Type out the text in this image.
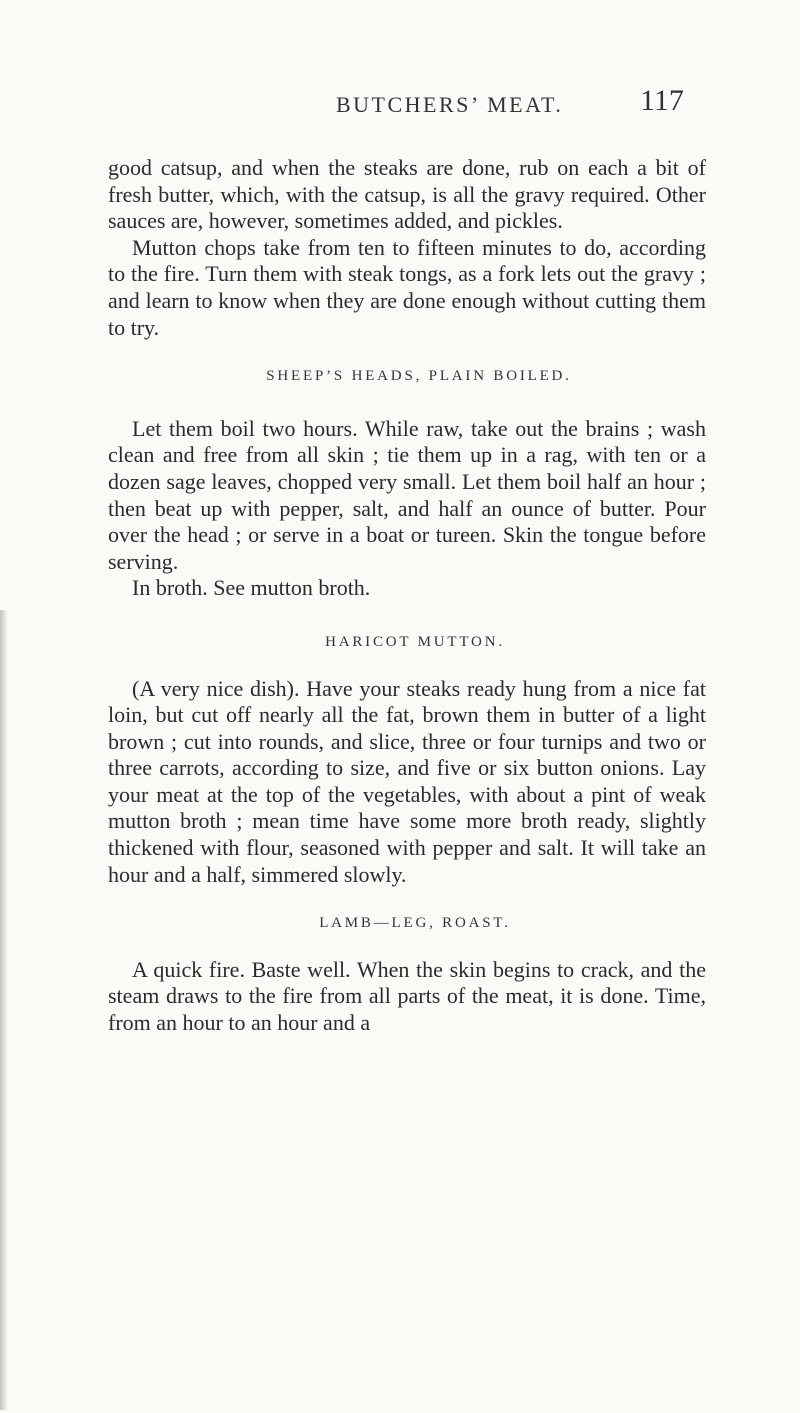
BUTCHERS’ MEAT.	117

good catsup, and when the steaks are done, rub on each a bit of fresh butter, which, with the catsup, is all the gravy required. Other sauces are, however, sometimes added, and pickles.

Mutton chops take from ten to fifteen minutes to do, according to the fire. Turn them with steak tongs, as a fork lets out the gravy ; and learn to know when they are done enough without cutting them to try.

SHEEP’S HEADS, PLAIN BOILED.

Let them boil two hours. While raw, take out the brains ; wash clean and free from all skin ; tie them up in a rag, with ten or a dozen sage leaves, chopped very small. Let them boil half an hour ; then beat up with pepper, salt, and half an ounce of butter. Pour over the head ; or serve in a boat or tureen. Skin the tongue before serving.

In broth. See mutton broth.

HARICOT MUTTON.

(A very nice dish). Have your steaks ready hung from a nice fat loin, but cut off nearly all the fat, brown them in butter of a light brown ; cut into rounds, and slice, three or four turnips and two or three carrots, according to size, and five or six button onions. Lay your meat at the top of the vegetables, with about a pint of weak mutton broth ; mean time have some more broth ready, slightly thickened with flour, seasoned with pepper and salt. It will take an hour and a half, simmered slowly.

LAMB—LEG, ROAST.

A quick fire. Baste well. When the skin begins to crack, and the steam draws to the fire from all parts of the meat, it is done. Time, from an hour to an hour and a
